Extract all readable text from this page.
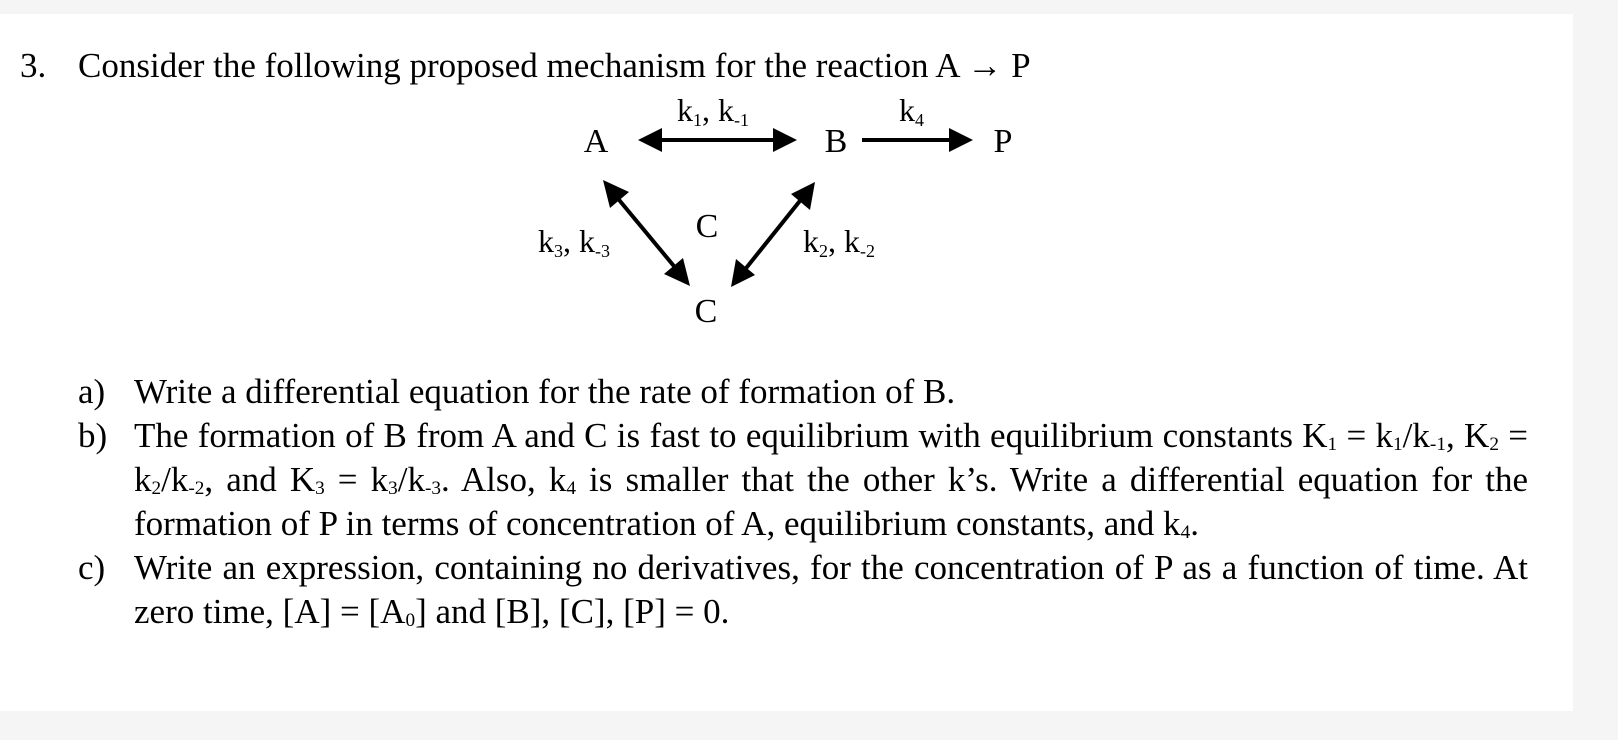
3. Consider the following proposed mechanism for the reaction A → P
A	B	P
C
C
k1, k-1	k4
k3, k-3	k2, k-2
a) Write a differential equation for the rate of formation of B.
b) The formation of B from A and C is fast to equilibrium with equilibrium constants $K_1 = k_1/k_{-1}$, $K_2 = k_2/k_{-2}$, and $K_3 = k_3/k_{-3}$. Also, $k_4$ is smaller that the other k’s. Write a differential equation for the formation of P in terms of concentration of A, equilibrium constants, and $k_4$.
c) Write an expression, containing no derivatives, for the concentration of P as a function of time. At zero time, $[A] = [A_0]$ and [B], [C], [P] = 0.
